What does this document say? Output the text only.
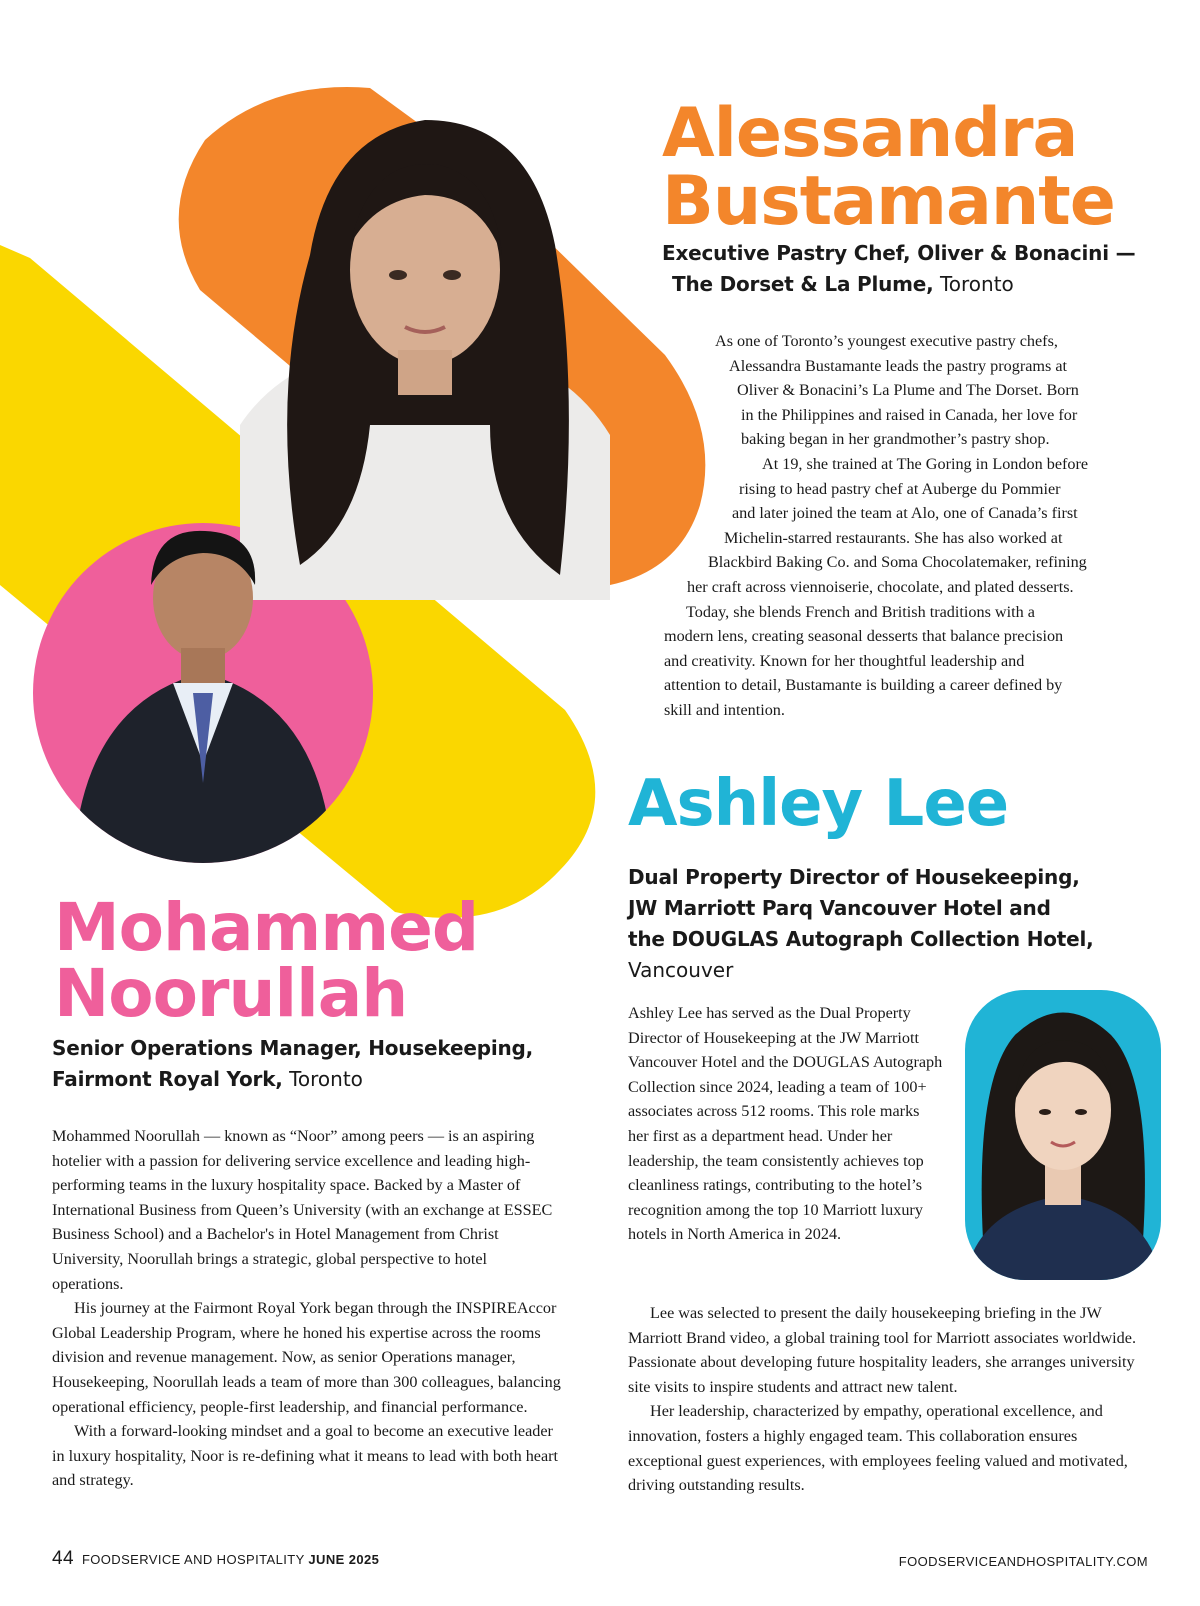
Alessandra
Bustamante
Executive Pastry Chef, Oliver & Bonacini —
The Dorset & La Plume, Toronto
As one of Toronto’s youngest executive pastry chefs,
Alessandra Bustamante leads the pastry programs at
Oliver & Bonacini’s La Plume and The Dorset. Born
in the Philippines and raised in Canada, her love for
baking began in her grandmother’s pastry shop.
At 19, she trained at The Goring in London before
rising to head pastry chef at Auberge du Pommier
and later joined the team at Alo, one of Canada’s first
Michelin-starred restaurants. She has also worked at
Blackbird Baking Co. and Soma Chocolatemaker, refining
her craft across viennoiserie, chocolate, and plated desserts.
Today, she blends French and British traditions with a
modern lens, creating seasonal desserts that balance precision
and creativity. Known for her thoughtful leadership and
attention to detail, Bustamante is building a career defined by
skill and intention.
Ashley Lee
Dual Property Director of Housekeeping,
JW Marriott Parq Vancouver Hotel and
the DOUGLAS Autograph Collection Hotel,
Vancouver

Ashley Lee has served as the Dual Property Director of Housekeeping at the JW Marriott Vancouver Hotel and the DOUGLAS Autograph Collection since 2024, leading a team of 100+ associates across 512 rooms. This role marks her first as a department head. Under her leadership, the team consistently achieves top cleanliness ratings, contributing to the hotel’s recognition among the top 10 Marriott luxury hotels in North America in 2024.

Lee was selected to present the daily housekeeping briefing in the JW Marriott Brand video, a global training tool for Marriott associates worldwide. Passionate about developing future hospitality leaders, she arranges university site visits to inspire students and attract new talent.

Her leadership, characterized by empathy, operational excellence, and innovation, fosters a highly engaged team. This collaboration ensures exceptional guest experiences, with employees feeling valued and motivated, driving outstanding results.

Mohammed
Noorullah
Senior Operations Manager, Housekeeping,
Fairmont Royal York, Toronto

Mohammed Noorullah — known as “Noor” among peers — is an aspiring hotelier with a passion for delivering service excellence and leading high-performing teams in the luxury hospitality space. Backed by a Master of International Business from Queen’s University (with an exchange at ESSEC Business School) and a Bachelor's in Hotel Management from Christ University, Noorullah brings a strategic, global perspective to hotel operations.

His journey at the Fairmont Royal York began through the INSPIREAccor Global Leadership Program, where he honed his expertise across the rooms division and revenue management. Now, as senior Operations manager, Housekeeping, Noorullah leads a team of more than 300 colleagues, balancing operational efficiency, people-first leadership, and financial performance.

With a forward-looking mindset and a goal to become an executive leader in luxury hospitality, Noor is re-defining what it means to lead with both heart and strategy.

44 FOODSERVICE AND HOSPITALITY JUNE 2025	FOODSERVICEANDHOSPITALITY.COM
